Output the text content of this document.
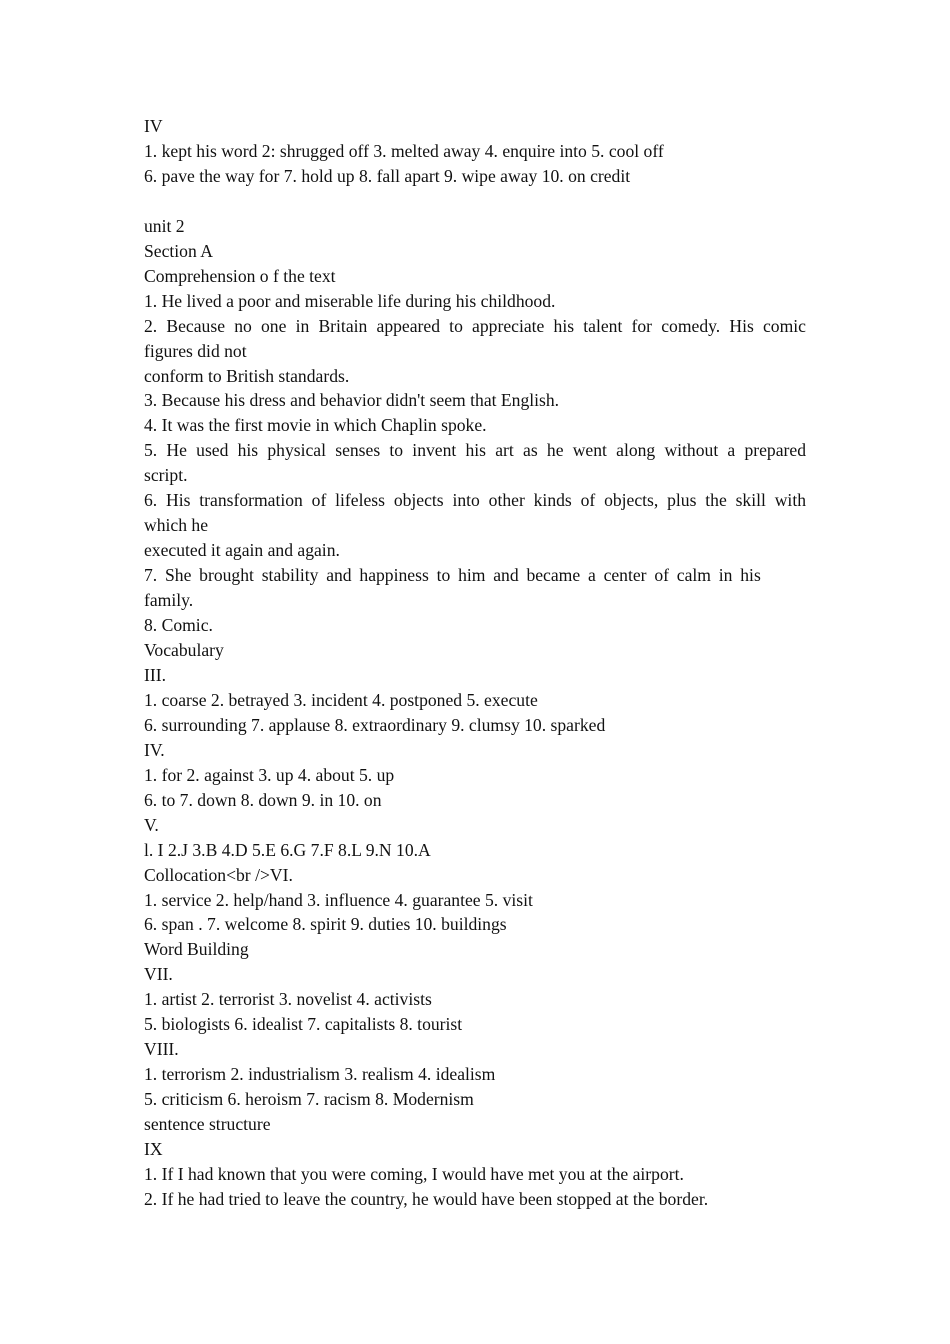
IV
1. kept his word 2: shrugged off 3. melted away 4. enquire into 5. cool off
6. pave the way for 7. hold up 8. fall apart 9. wipe away 10. on credit
unit 2
Section A
Comprehension o f the text
1. He lived a poor and miserable life during his childhood.
2. Because no one in Britain appeared to appreciate his talent for comedy. His comic
figures did not
conform to British standards.
3. Because his dress and behavior didn't seem that English.
4. It was the first movie in which Chaplin spoke.
5. He used his physical senses to invent his art as he went along without a prepared
script.
6. His transformation of lifeless objects into other kinds of objects, plus the skill with
which he
executed it again and again.
7. She brought stability and happiness to him and became a center of calm in his
family.
8. Comic.
Vocabulary
III.
1. coarse 2. betrayed 3. incident 4. postponed 5. execute
6. surrounding 7. applause 8. extraordinary 9. clumsy 10. sparked
IV.
1. for 2. against 3. up 4. about 5. up
6. to 7. down 8. down 9. in 10. on
V.
l. I 2.J 3.B 4.D 5.E 6.G 7.F 8.L 9.N 10.A
Collocation<br />VI.
1. service 2. help/hand 3. influence 4. guarantee 5. visit
6. span . 7. welcome 8. spirit 9. duties 10. buildings
Word Building
VII.
1. artist 2. terrorist 3. novelist 4. activists
5. biologists 6. idealist 7. capitalists 8. tourist
VIII.
1. terrorism 2. industrialism 3. realism 4. idealism
5. criticism 6. heroism 7. racism 8. Modernism
sentence structure
IX
1. If I had known that you were coming, I would have met you at the airport.
2. If he had tried to leave the country, he would have been stopped at the border.
